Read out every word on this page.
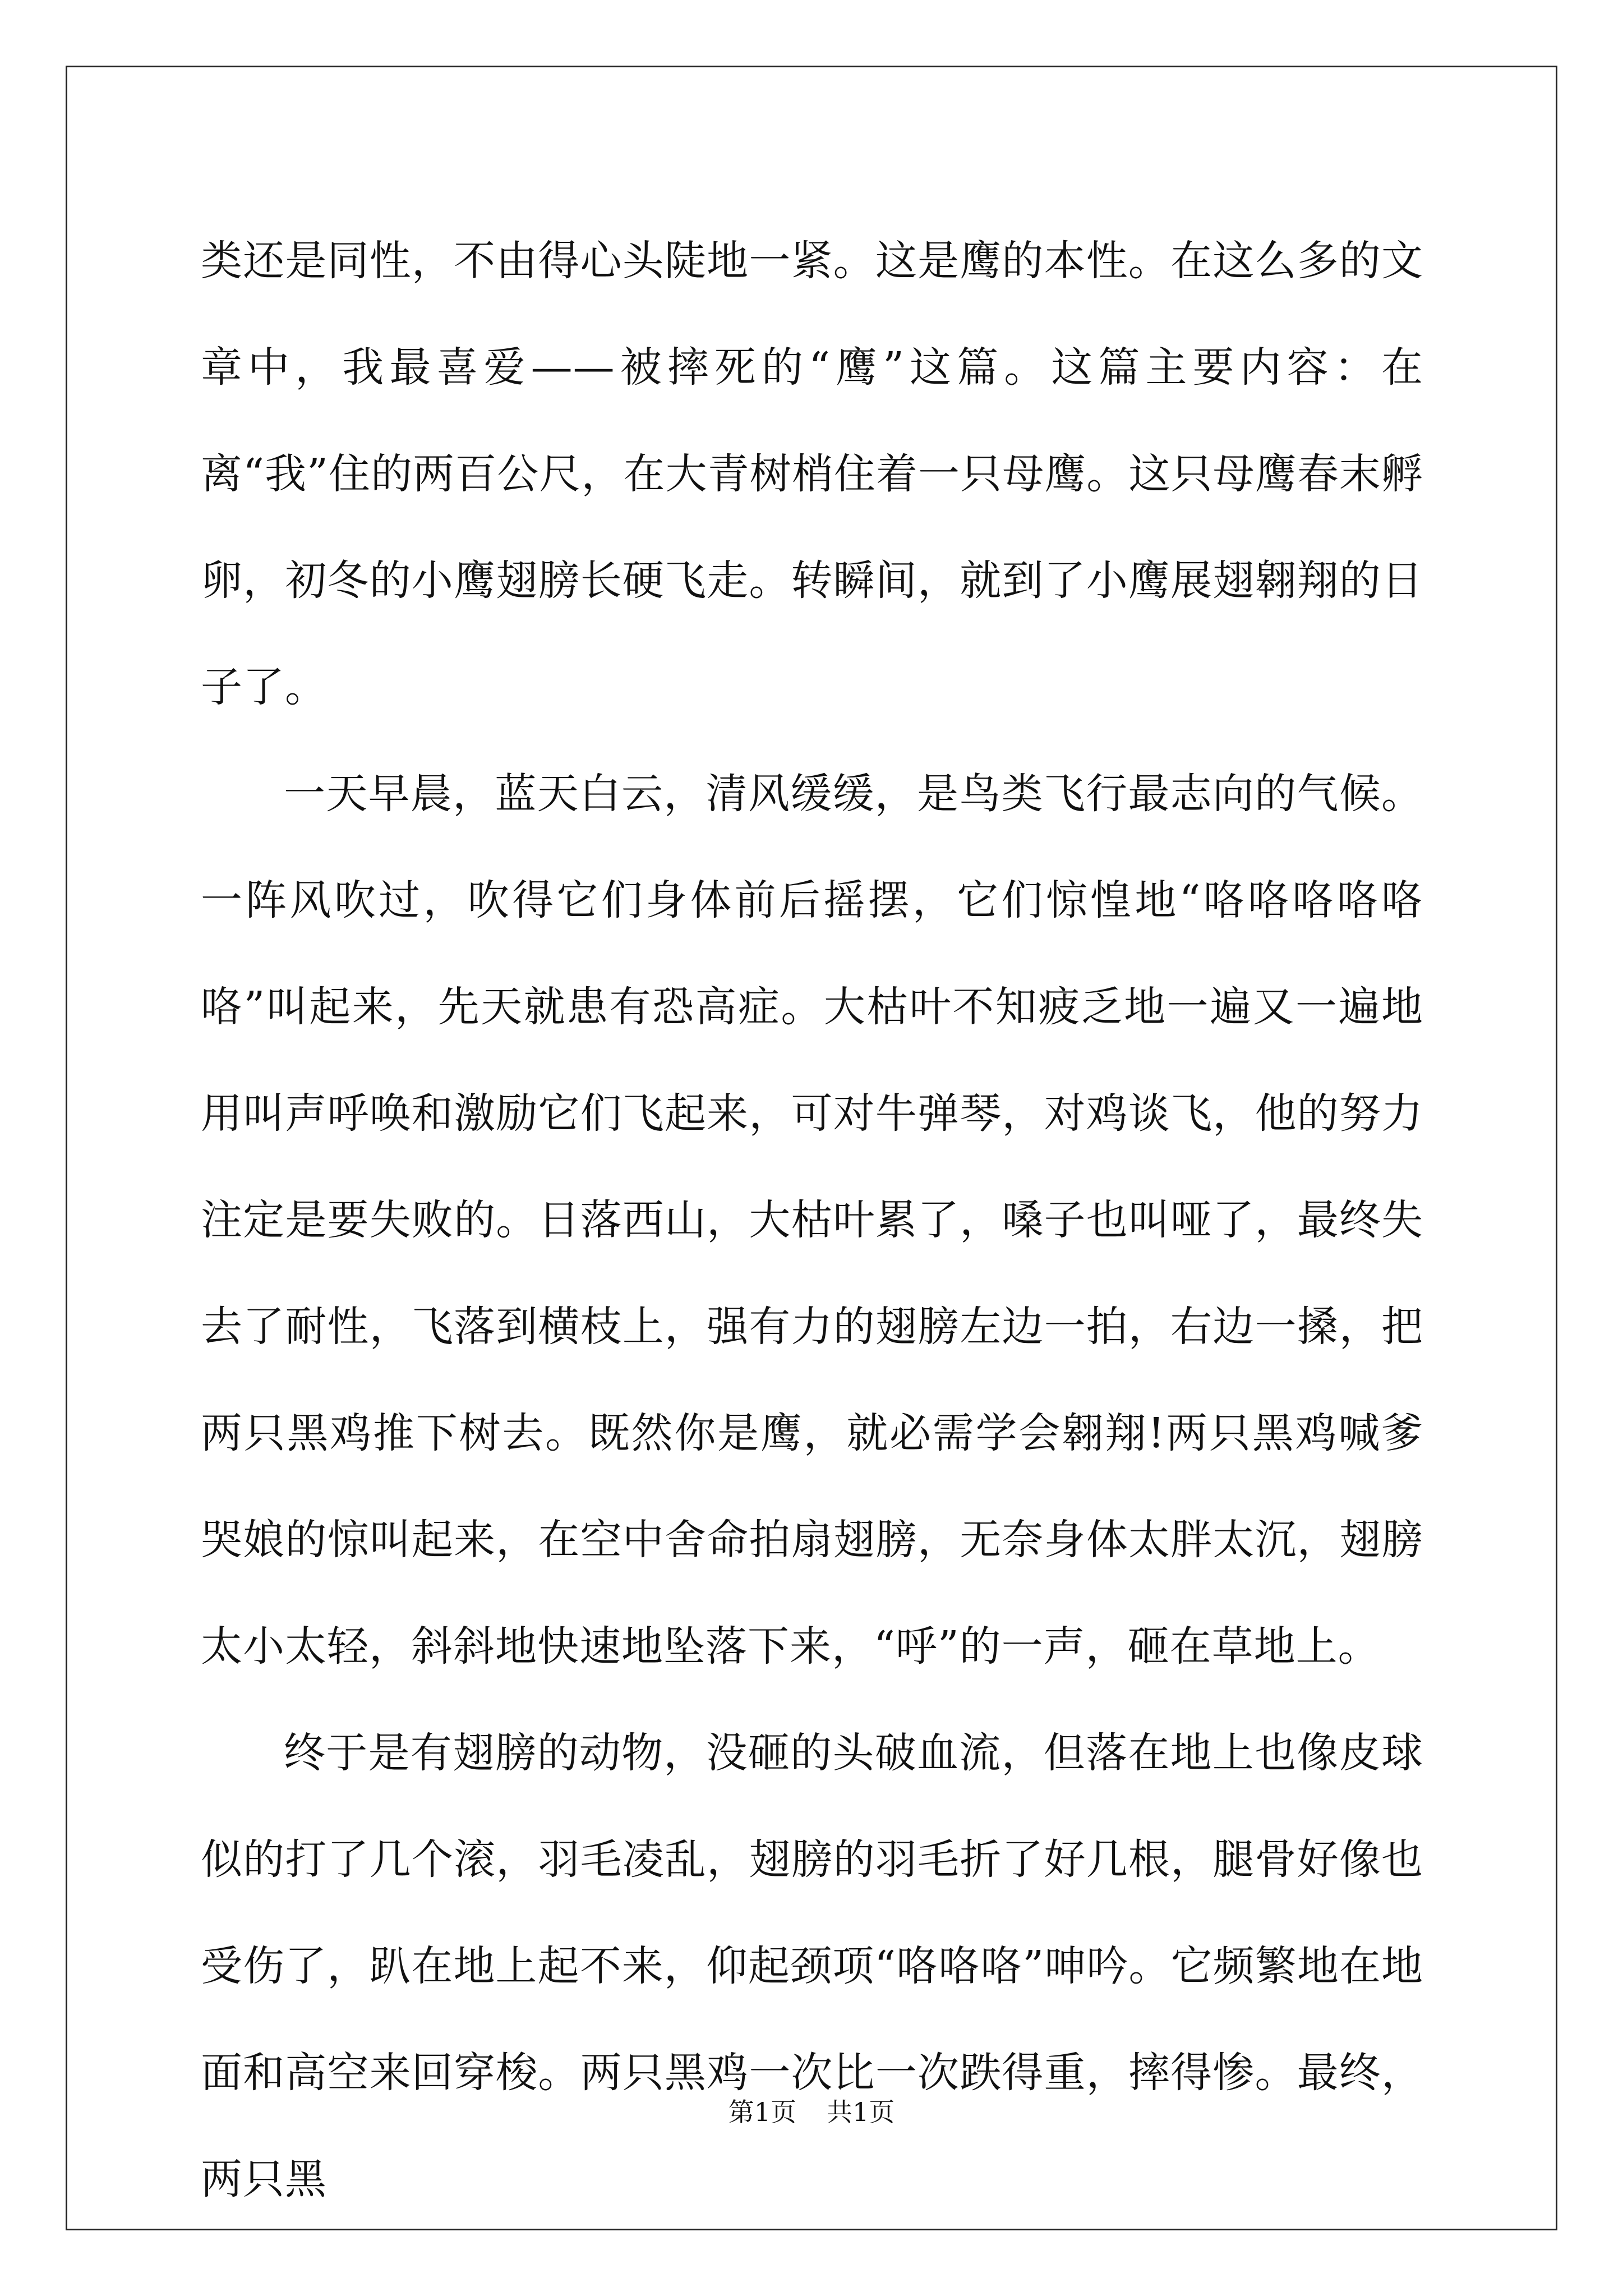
类还是同性，不由得心头陡地一紧。这是鹰的本性。在这么多的文章中，我最喜爱——被摔死的“鹰”这篇。这篇主要内容：在离“我”住的两百公尺，在大青树梢住着一只母鹰。这只母鹰春末孵卵，初冬的小鹰翅膀长硬飞走。转瞬间，就到了小鹰展翅翱翔的日子了。

一天早晨，蓝天白云，清风缓缓，是鸟类飞行最志向的气候。 一阵风吹过，吹得它们身体前后摇摆，它们惊惶地“咯咯咯咯咯咯”叫起来，先天就患有恐高症。大枯叶不知疲乏地一遍又一遍地用叫声呼唤和激励它们飞起来，可对牛弹琴，对鸡谈飞，他的努力注定是要失败的。日落西山，大枯叶累了，嗓子也叫哑了，最终失去了耐性，飞落到横枝上，强有力的翅膀左边一拍，右边一搡，把两只黑鸡推下树去。既然你是鹰，就必需学会翱翔!两只黑鸡喊爹哭娘的惊叫起来，在空中舍命拍扇翅膀，无奈身体太胖太沉，翅膀太小太轻，斜斜地快速地坠落下来，“呼”的一声，砸在草地上。

终于是有翅膀的动物，没砸的头破血流，但落在地上也像皮球似的打了几个滚，羽毛凌乱，翅膀的羽毛折了好几根，腿骨好像也受伤了，趴在地上起不来，仰起颈项“咯咯咯”呻吟。它频繁地在地面和高空来回穿梭。两只黑鸡一次比一次跌得重，摔得惨。最终，两只黑

第1页 共1页
